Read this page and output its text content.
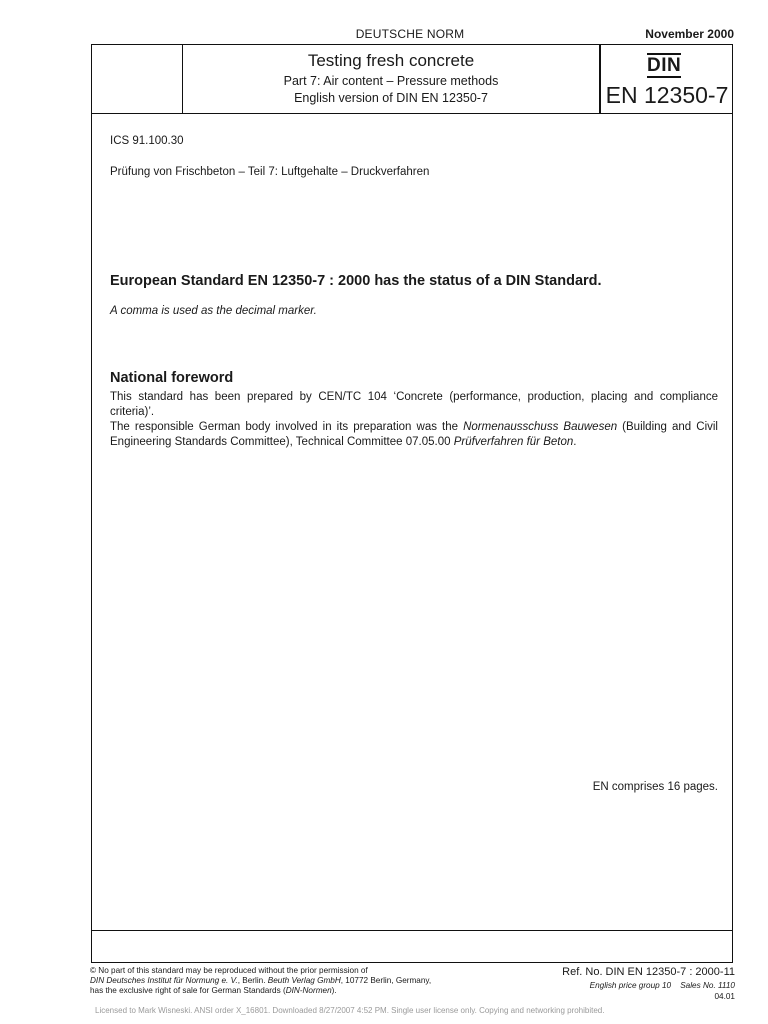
DEUTSCHE NORM	November 2000
Testing fresh concrete
Part 7: Air content – Pressure methods
English version of DIN EN 12350-7
DIN
EN 12350-7
ICS 91.100.30
Prüfung von Frischbeton – Teil 7: Luftgehalte – Druckverfahren
European Standard EN 12350-7 : 2000 has the status of a DIN Standard.
A comma is used as the decimal marker.
National foreword
This standard has been prepared by CEN/TC 104 ‘Concrete (performance, production, placing and compliance criteria)’.
The responsible German body involved in its preparation was the Normenausschuss Bauwesen (Building and Civil Engineering Standards Committee), Technical Committee 07.05.00 Prüfverfahren für Beton.
EN comprises 16 pages.
© No part of this standard may be reproduced without the prior permission of
DIN Deutsches Institut für Normung e. V., Berlin. Beuth Verlag GmbH, 10772 Berlin, Germany,
has the exclusive right of sale for German Standards (DIN-Normen).
Ref. No. DIN EN 12350-7 : 2000-11
English price group 10 Sales No. 1110
04.01
Licensed to Mark Wisneski. ANSI order X_16801. Downloaded 8/27/2007 4:52 PM. Single user license only. Copying and networking prohibited.
